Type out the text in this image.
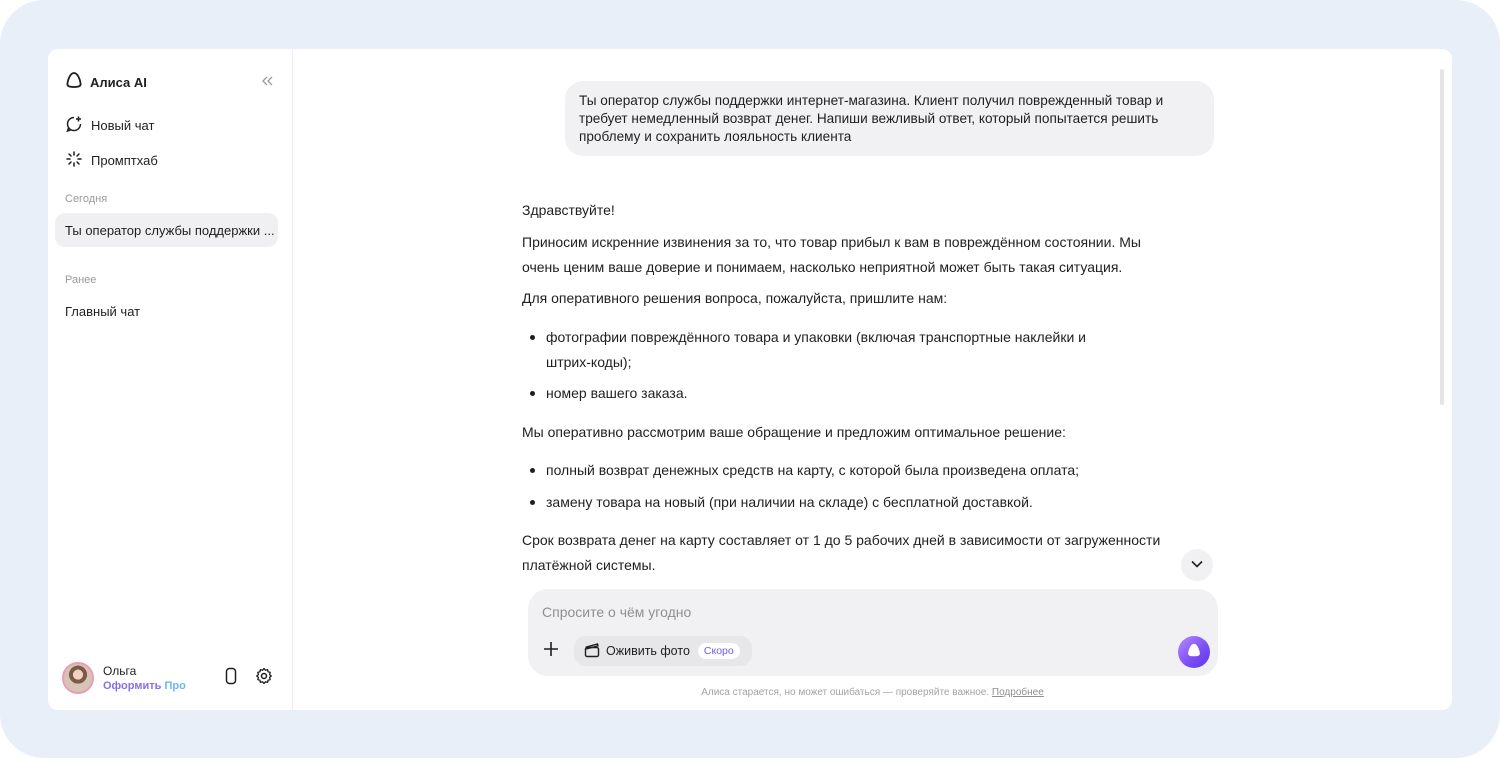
Алиса AI
Новый чат
Промптхаб
Сегодня
Ты оператор службы поддержки ...
Ранее
Главный чат
Ольга
Оформить Про
Ты оператор службы поддержки интернет-магазина. Клиент получил поврежденный товар и требует немедленный возврат денег. Напиши вежливый ответ, который попытается решить проблему и сохранить лояльность клиента
Здравствуйте!
Приносим искренние извинения за то, что товар прибыл к вам в повреждённом состоянии. Мы
очень ценим ваше доверие и понимаем, насколько неприятной может быть такая ситуация.
Для оперативного решения вопроса, пожалуйста, пришлите нам:
фотографии повреждённого товара и упаковки (включая транспортные наклейки и
штрих-коды);
номер вашего заказа.
Мы оперативно рассмотрим ваше обращение и предложим оптимальное решение:
полный возврат денежных средств на карту, с которой была произведена оплата;
замену товара на новый (при наличии на складе) с бесплатной доставкой.
Срок возврата денег на карту составляет от 1 до 5 рабочих дней в зависимости от загруженности
платёжной системы.
Спросите о чём угодно
Оживить фото	Скоро
Алиса старается, но может ошибаться — проверяйте важное. Подробнее
